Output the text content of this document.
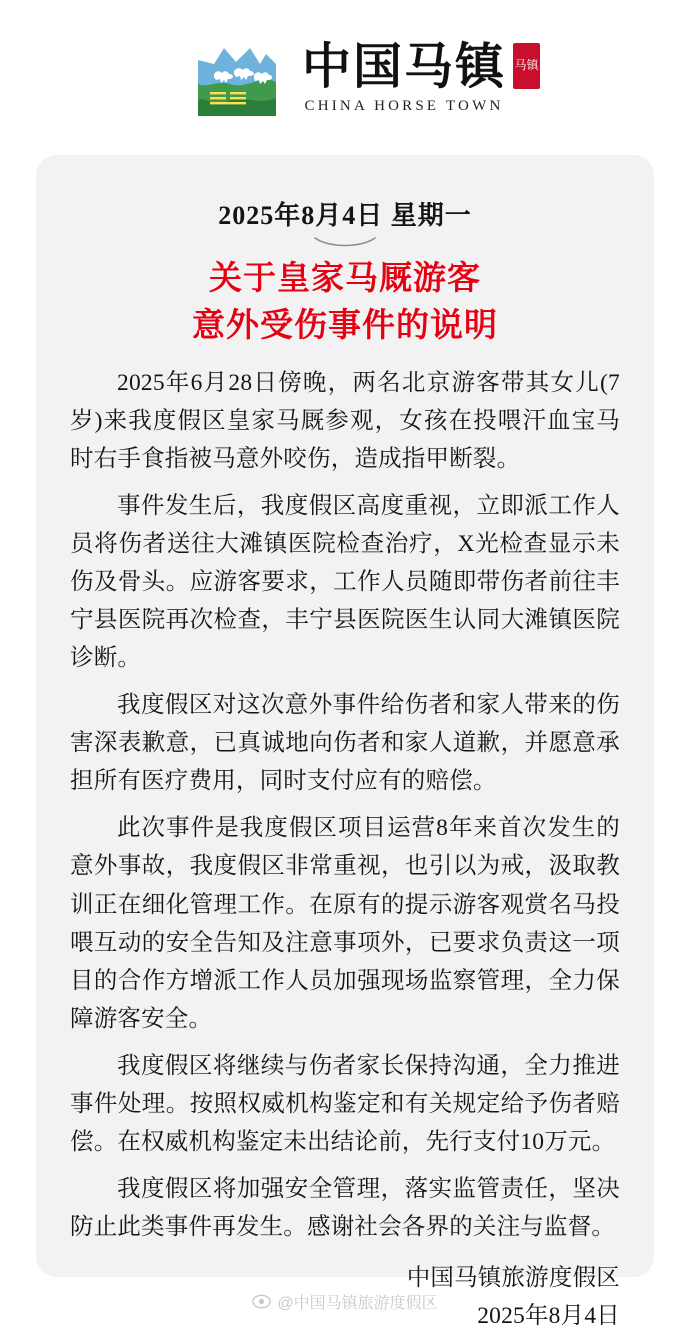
中国马镇
CHINA HORSE TOWN
马镇
2025年8月4日 星期一
关于皇家马厩游客
意外受伤事件的说明

2025年6月28日傍晚，两名北京游客带其女儿(7岁)来我度假区皇家马厩参观，女孩在投喂汗血宝马时右手食指被马意外咬伤，造成指甲断裂。

事件发生后，我度假区高度重视，立即派工作人员将伤者送往大滩镇医院检查治疗，X光检查显示未伤及骨头。应游客要求，工作人员随即带伤者前往丰宁县医院再次检查，丰宁县医院医生认同大滩镇医院诊断。

我度假区对这次意外事件给伤者和家人带来的伤害深表歉意，已真诚地向伤者和家人道歉，并愿意承担所有医疗费用，同时支付应有的赔偿。

此次事件是我度假区项目运营8年来首次发生的意外事故，我度假区非常重视，也引以为戒，汲取教训正在细化管理工作。在原有的提示游客观赏名马投喂互动的安全告知及注意事项外，已要求负责这一项目的合作方增派工作人员加强现场监察管理，全力保障游客安全。

我度假区将继续与伤者家长保持沟通，全力推进事件处理。按照权威机构鉴定和有关规定给予伤者赔偿。在权威机构鉴定未出结论前，先行支付10万元。

我度假区将加强安全管理，落实监管责任，坚决防止此类事件再发生。感谢社会各界的关注与监督。

中国马镇旅游度假区
2025年8月4日
@中国马镇旅游度假区
